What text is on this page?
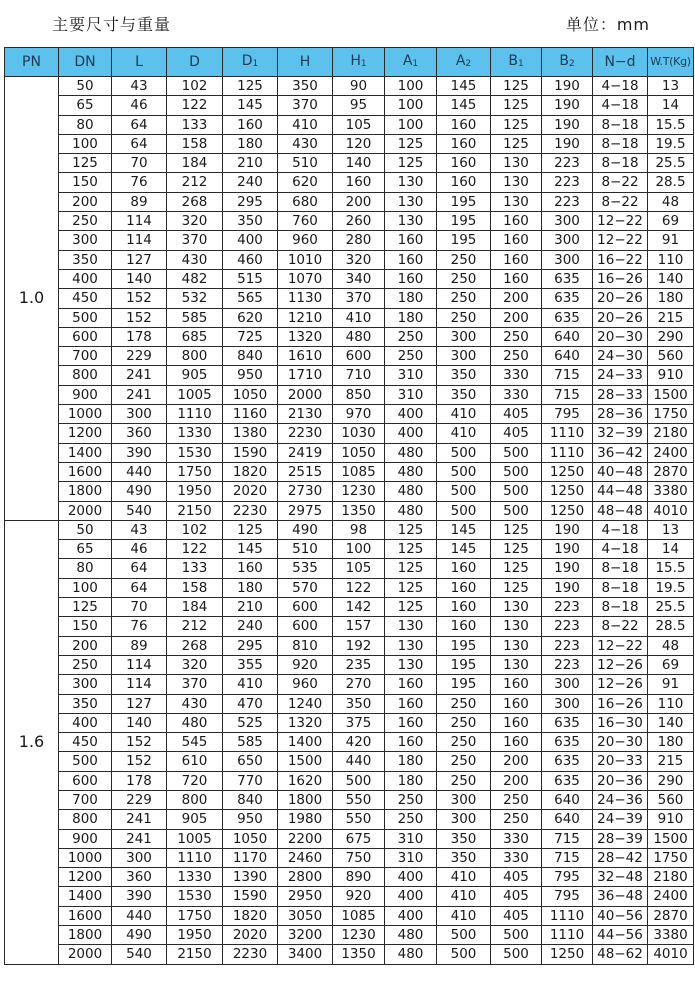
主要尺寸与重量	单位：mm
PN	DN	L	D	$D_1$	H	$H_1$	$A_1$	$A_2$	$B_1$	$B_2$	N−d	W.T(Kg)
1.0	50	43	102	125	350	90	100	145	125	190	4−18	13
	65	46	122	145	370	95	100	145	125	190	4−18	14
	80	64	133	160	410	105	100	160	125	190	8−18	15.5
	100	64	158	180	430	120	125	160	125	190	8−18	19.5
	125	70	184	210	510	140	125	160	130	223	8−18	25.5
	150	76	212	240	620	160	130	160	130	223	8−22	28.5
	200	89	268	295	680	200	130	195	130	223	8−22	48
	250	114	320	350	760	260	130	195	160	300	12−22	69
	300	114	370	400	960	280	160	195	160	300	12−22	91
	350	127	430	460	1010	320	160	250	160	300	16−22	110
	400	140	482	515	1070	340	160	250	160	635	16−26	140
	450	152	532	565	1130	370	180	250	200	635	20−26	180
	500	152	585	620	1210	410	180	250	200	635	20−26	215
	600	178	685	725	1320	480	250	300	250	640	20−30	290
	700	229	800	840	1610	600	250	300	250	640	24−30	560
	800	241	905	950	1710	710	310	350	330	715	24−33	910
	900	241	1005	1050	2000	850	310	350	330	715	28−33	1500
	1000	300	1110	1160	2130	970	400	410	405	795	28−36	1750
	1200	360	1330	1380	2230	1030	400	410	405	1110	32−39	2180
	1400	390	1530	1590	2419	1050	480	500	500	1110	36−42	2400
	1600	440	1750	1820	2515	1085	480	500	500	1250	40−48	2870
	1800	490	1950	2020	2730	1230	480	500	500	1250	44−48	3380
	2000	540	2150	2230	2975	1350	480	500	500	1250	48−48	4010
1.6	50	43	102	125	490	98	125	145	125	190	4−18	13
	65	46	122	145	510	100	125	145	125	190	4−18	14
	80	64	133	160	535	105	125	160	125	190	8−18	15.5
	100	64	158	180	570	122	125	160	125	190	8−18	19.5
	125	70	184	210	600	142	125	160	130	223	8−18	25.5
	150	76	212	240	600	157	130	160	130	223	8−22	28.5
	200	89	268	295	810	192	130	195	130	223	12−22	48
	250	114	320	355	920	235	130	195	130	223	12−26	69
	300	114	370	410	960	270	160	195	160	300	12−26	91
	350	127	430	470	1240	350	160	250	160	300	16−26	110
	400	140	480	525	1320	375	160	250	160	635	16−30	140
	450	152	545	585	1400	420	160	250	160	635	20−30	180
	500	152	610	650	1500	440	180	250	200	635	20−33	215
	600	178	720	770	1620	500	180	250	200	635	20−36	290
	700	229	800	840	1800	550	250	300	250	640	24−36	560
	800	241	905	950	1980	550	250	300	250	640	24−39	910
	900	241	1005	1050	2200	675	310	350	330	715	28−39	1500
	1000	300	1110	1170	2460	750	310	350	330	715	28−42	1750
	1200	360	1330	1390	2800	890	400	410	405	795	32−48	2180
	1400	390	1530	1590	2950	920	400	410	405	795	36−48	2400
	1600	440	1750	1820	3050	1085	400	410	405	1110	40−56	2870
	1800	490	1950	2020	3200	1230	480	500	500	1110	44−56	3380
	2000	540	2150	2230	3400	1350	480	500	500	1250	48−62	4010
